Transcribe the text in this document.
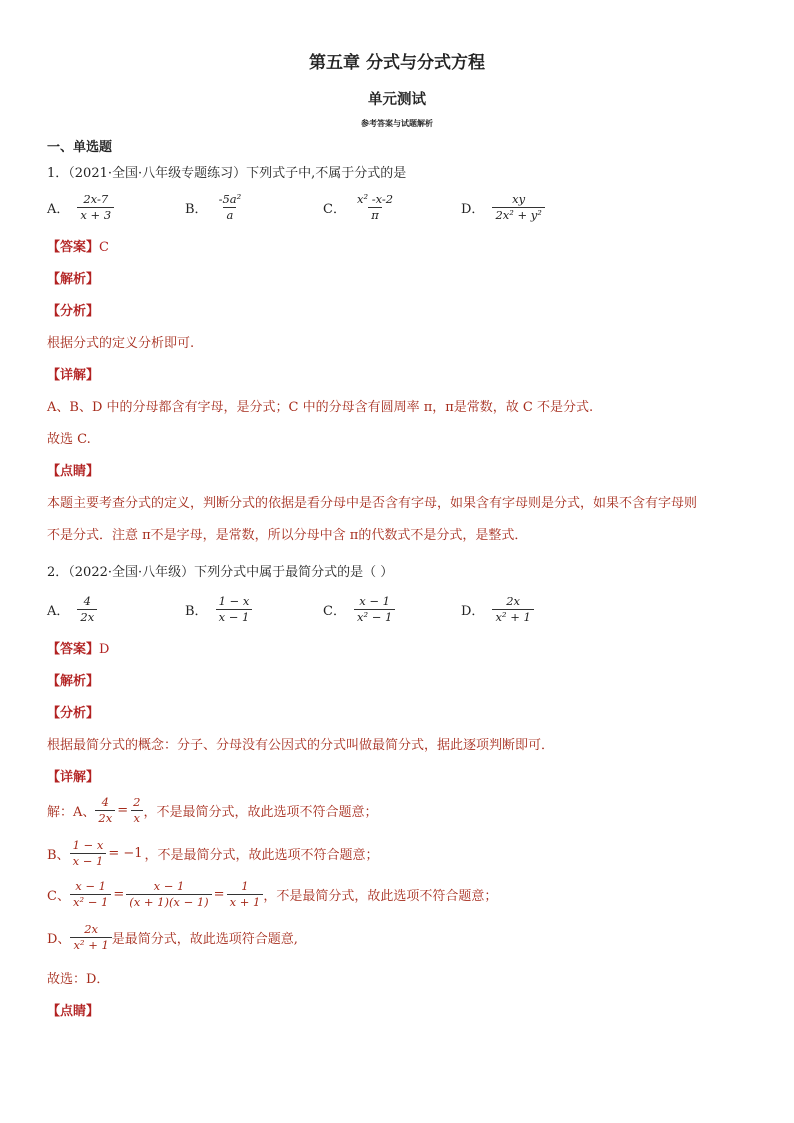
第五章 分式与分式方程
单元测试
参考答案与试题解析
一、单选题
1．（2021·全国·八年级专题练习）下列式子中,不属于分式的是
A． $\frac{2x-7}{x + 3}$	B． $\frac{\text{-5a²}}{a}$	C． $\frac{\text{x² -x-2}}{\pi}$	D． $\frac{xy}{\text{2x² + y²}}$
【答案】C
【解析】
【分析】
根据分式的定义分析即可.
【详解】
A、B、D 中的分母都含有字母，是分式；C 中的分母含有圆周率 π，π是常数，故 C 不是分式.
故选 C.
【点睛】
本题主要考查分式的定义，判断分式的依据是看分母中是否含有字母，如果含有字母则是分式，如果不含有字母则
不是分式．注意 π不是字母，是常数，所以分母中含 π的代数式不是分式，是整式．
2．（2022·全国·八年级）下列分式中属于最简分式的是（ ）
A． $\frac{4}{2x}$	B． $\frac{1 - x}{x - 1}$	C． $\frac{x - 1}{\text{x² − 1}}$	D． $\frac{2x}{\text{x² + 1}}$
【答案】D
【解析】
【分析】
根据最简分式的概念：分子、分母没有公因式的分式叫做最简分式，据此逐项判断即可．
【详解】
解：A、 $\frac{4}{2x} = \frac{2}{x}$ ，不是最简分式，故此选项不符合题意；
B、 $\frac{1 - x}{x - 1} = -1$ ，不是最简分式，故此选项不符合题意；
C、 $\frac{x - 1}{\text{x² − 1}} = \frac{x - 1}{(x + 1)(x - 1)} = \frac{1}{x + 1}$ ，不是最简分式，故此选项不符合题意；
D、 $\frac{2x}{\text{x² + 1}}$ 是最简分式，故此选项符合题意,
故选：D．
【点睛】
